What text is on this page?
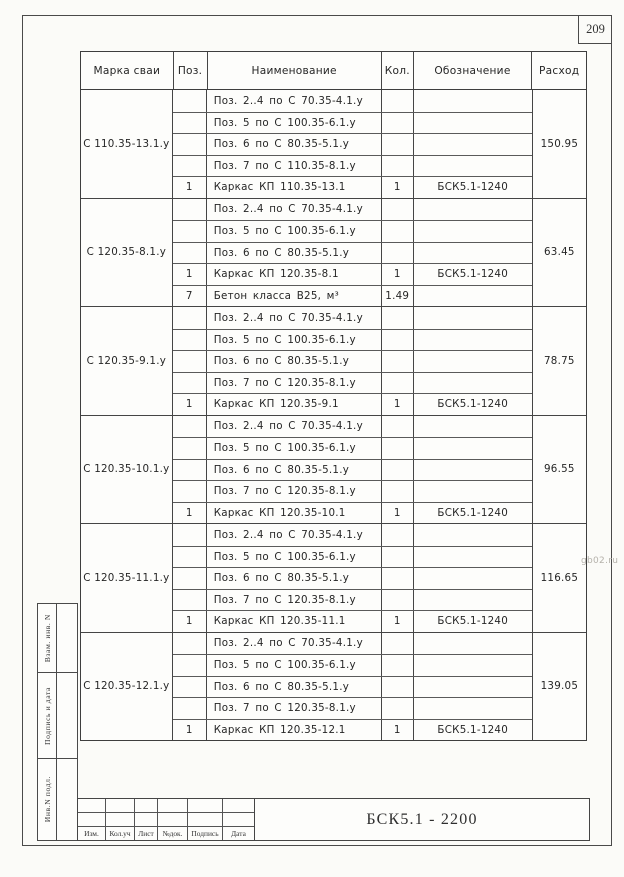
209
gb02.ru
Марка сваи	Поз.	Наименование	Кол.	Обозначение	Расход
С 110.35-13.1.у
Поз. 2..4 по С 70.35-4.1.у
Поз. 5 по С 100.35-6.1.у
Поз. 6 по С 80.35-5.1.у
Поз. 7 по С 110.35-8.1.у
1	Каркас КП 110.35-13.1	1	БСК5.1-1240
150.95
С 120.35-8.1.у
Поз. 2..4 по С 70.35-4.1.у
Поз. 5 по С 100.35-6.1.у
Поз. 6 по С 80.35-5.1.у
1	Каркас КП 120.35-8.1	1	БСК5.1-1240
7	Бетон класса В25, м³	1.49
63.45
С 120.35-9.1.у
Поз. 2..4 по С 70.35-4.1.у
Поз. 5 по С 100.35-6.1.у
Поз. 6 по С 80.35-5.1.у
Поз. 7 по С 120.35-8.1.у
1	Каркас КП 120.35-9.1	1	БСК5.1-1240
78.75
С 120.35-10.1.у
Поз. 2..4 по С 70.35-4.1.у
Поз. 5 по С 100.35-6.1.у
Поз. 6 по С 80.35-5.1.у
Поз. 7 по С 120.35-8.1.у
1	Каркас КП 120.35-10.1	1	БСК5.1-1240
96.55
С 120.35-11.1.у
Поз. 2..4 по С 70.35-4.1.у
Поз. 5 по С 100.35-6.1.у
Поз. 6 по С 80.35-5.1.у
Поз. 7 по С 120.35-8.1.у
1	Каркас КП 120.35-11.1	1	БСК5.1-1240
116.65
С 120.35-12.1.у
Поз. 2..4 по С 70.35-4.1.у
Поз. 5 по С 100.35-6.1.у
Поз. 6 по С 80.35-5.1.у
Поз. 7 по С 120.35-8.1.у
1	Каркас КП 120.35-12.1	1	БСК5.1-1240
139.05
Взам. инв. N
Подпись и дата
Инв.N подл.
Изм.	Кол.уч	Лист	№док.	Подпись	Дата
БСК5.1 - 2200
